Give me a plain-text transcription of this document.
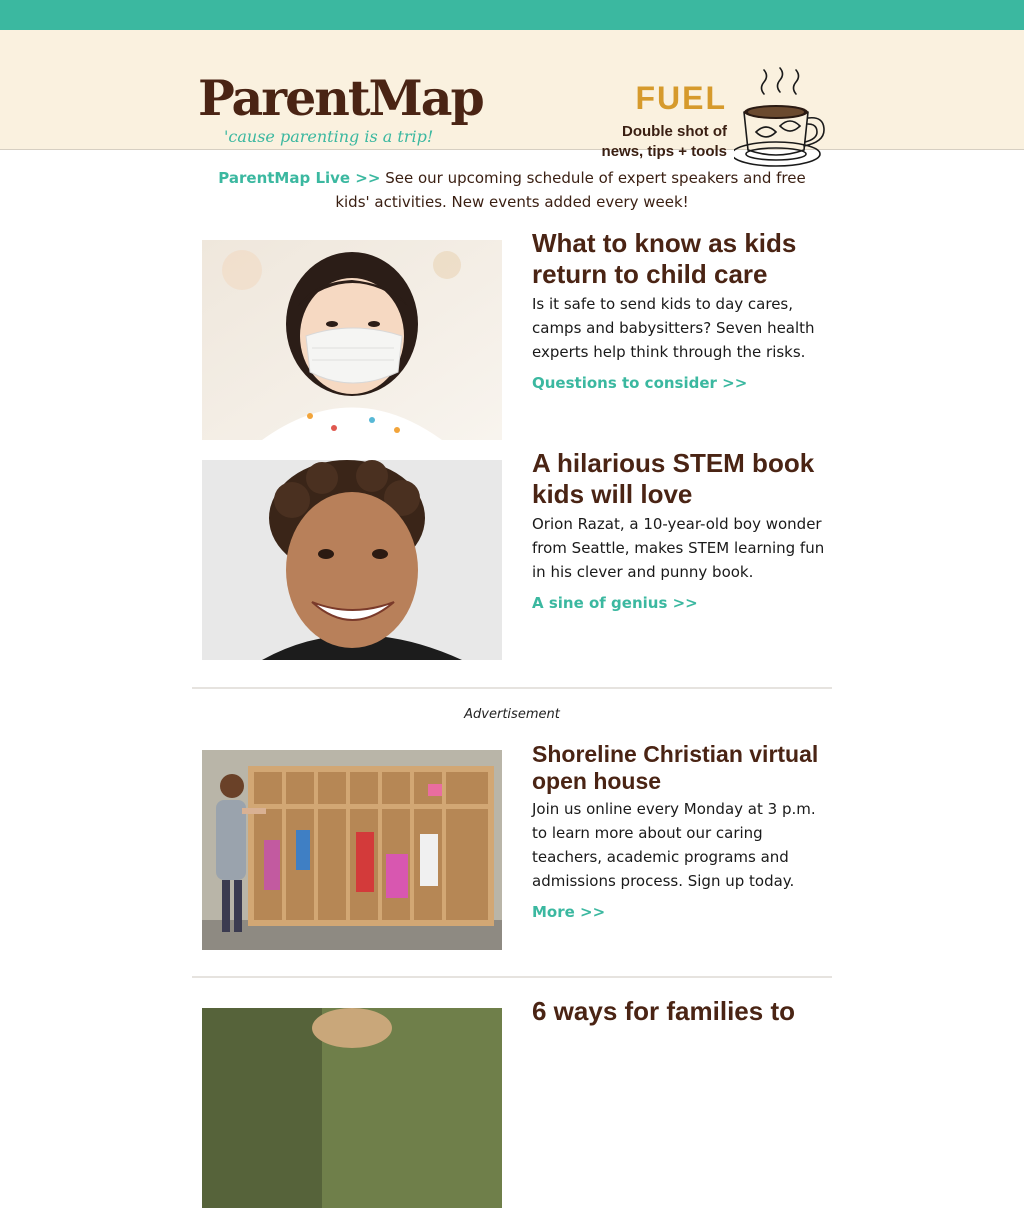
ParentMap
'cause parenting is a trip!
FUEL
Double shot of
news, tips + tools
ParentMap Live >> See our upcoming schedule of expert speakers and free kids' activities. New events added every week!
What to know as kids return to child care
Is it safe to send kids to day cares, camps and babysitters? Seven health experts help think through the risks.
Questions to consider >>
A hilarious STEM book kids will love
Orion Razat, a 10-year-old boy wonder from Seattle, makes STEM learning fun in his clever and punny book.
A sine of genius >>
Advertisement
Shoreline Christian virtual open house
Join us online every Monday at 3 p.m. to learn more about our caring teachers, academic programs and admissions process. Sign up today.
More >>
6 ways for families to
